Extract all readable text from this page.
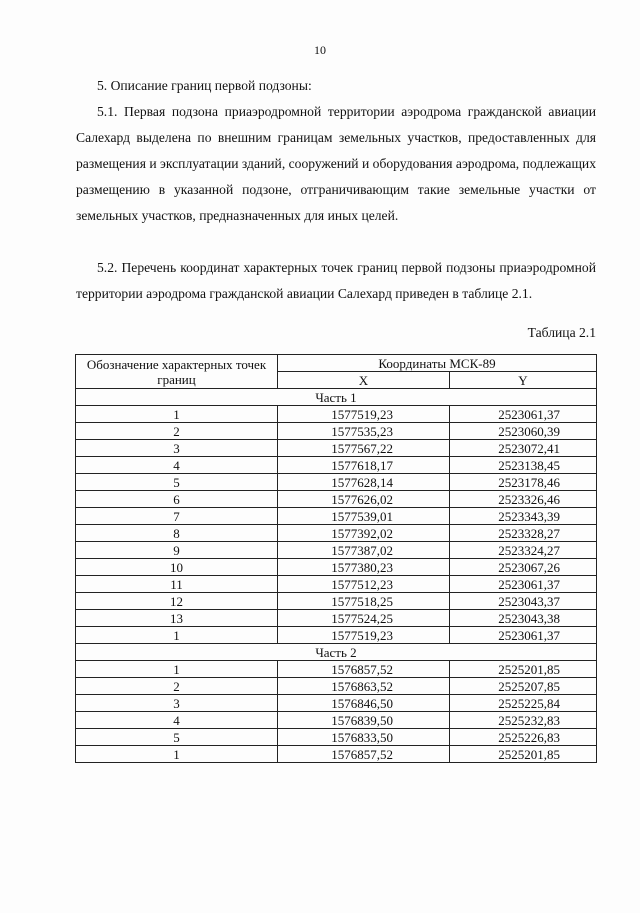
10

5. Описание границ первой подзоны:

5.1. Первая подзона приаэродромной территории аэродрома гражданской авиации Салехард выделена по внешним границам земельных участков, предоставленных для размещения и эксплуатации зданий, сооружений и оборудования аэродрома, подлежащих размещению в указанной подзоне, отграничивающим такие земельные участки от земельных участков, предназначенных для иных целей.

5.2. Перечень координат характерных точек границ первой подзоны приаэродромной территории аэродрома гражданской авиации Салехард приведен в таблице 2.1.

Таблица 2.1
Обозначение характерных точек границ	Координаты МСК-89	
	X	Y
Часть 1		
1	1577519,23	2523061,37
2	1577535,23	2523060,39
3	1577567,22	2523072,41
4	1577618,17	2523138,45
5	1577628,14	2523178,46
6	1577626,02	2523326,46
7	1577539,01	2523343,39
8	1577392,02	2523328,27
9	1577387,02	2523324,27
10	1577380,23	2523067,26
11	1577512,23	2523061,37
12	1577518,25	2523043,37
13	1577524,25	2523043,38
1	1577519,23	2523061,37
Часть 2		
1	1576857,52	2525201,85
2	1576863,52	2525207,85
3	1576846,50	2525225,84
4	1576839,50	2525232,83
5	1576833,50	2525226,83
1	1576857,52	2525201,85
